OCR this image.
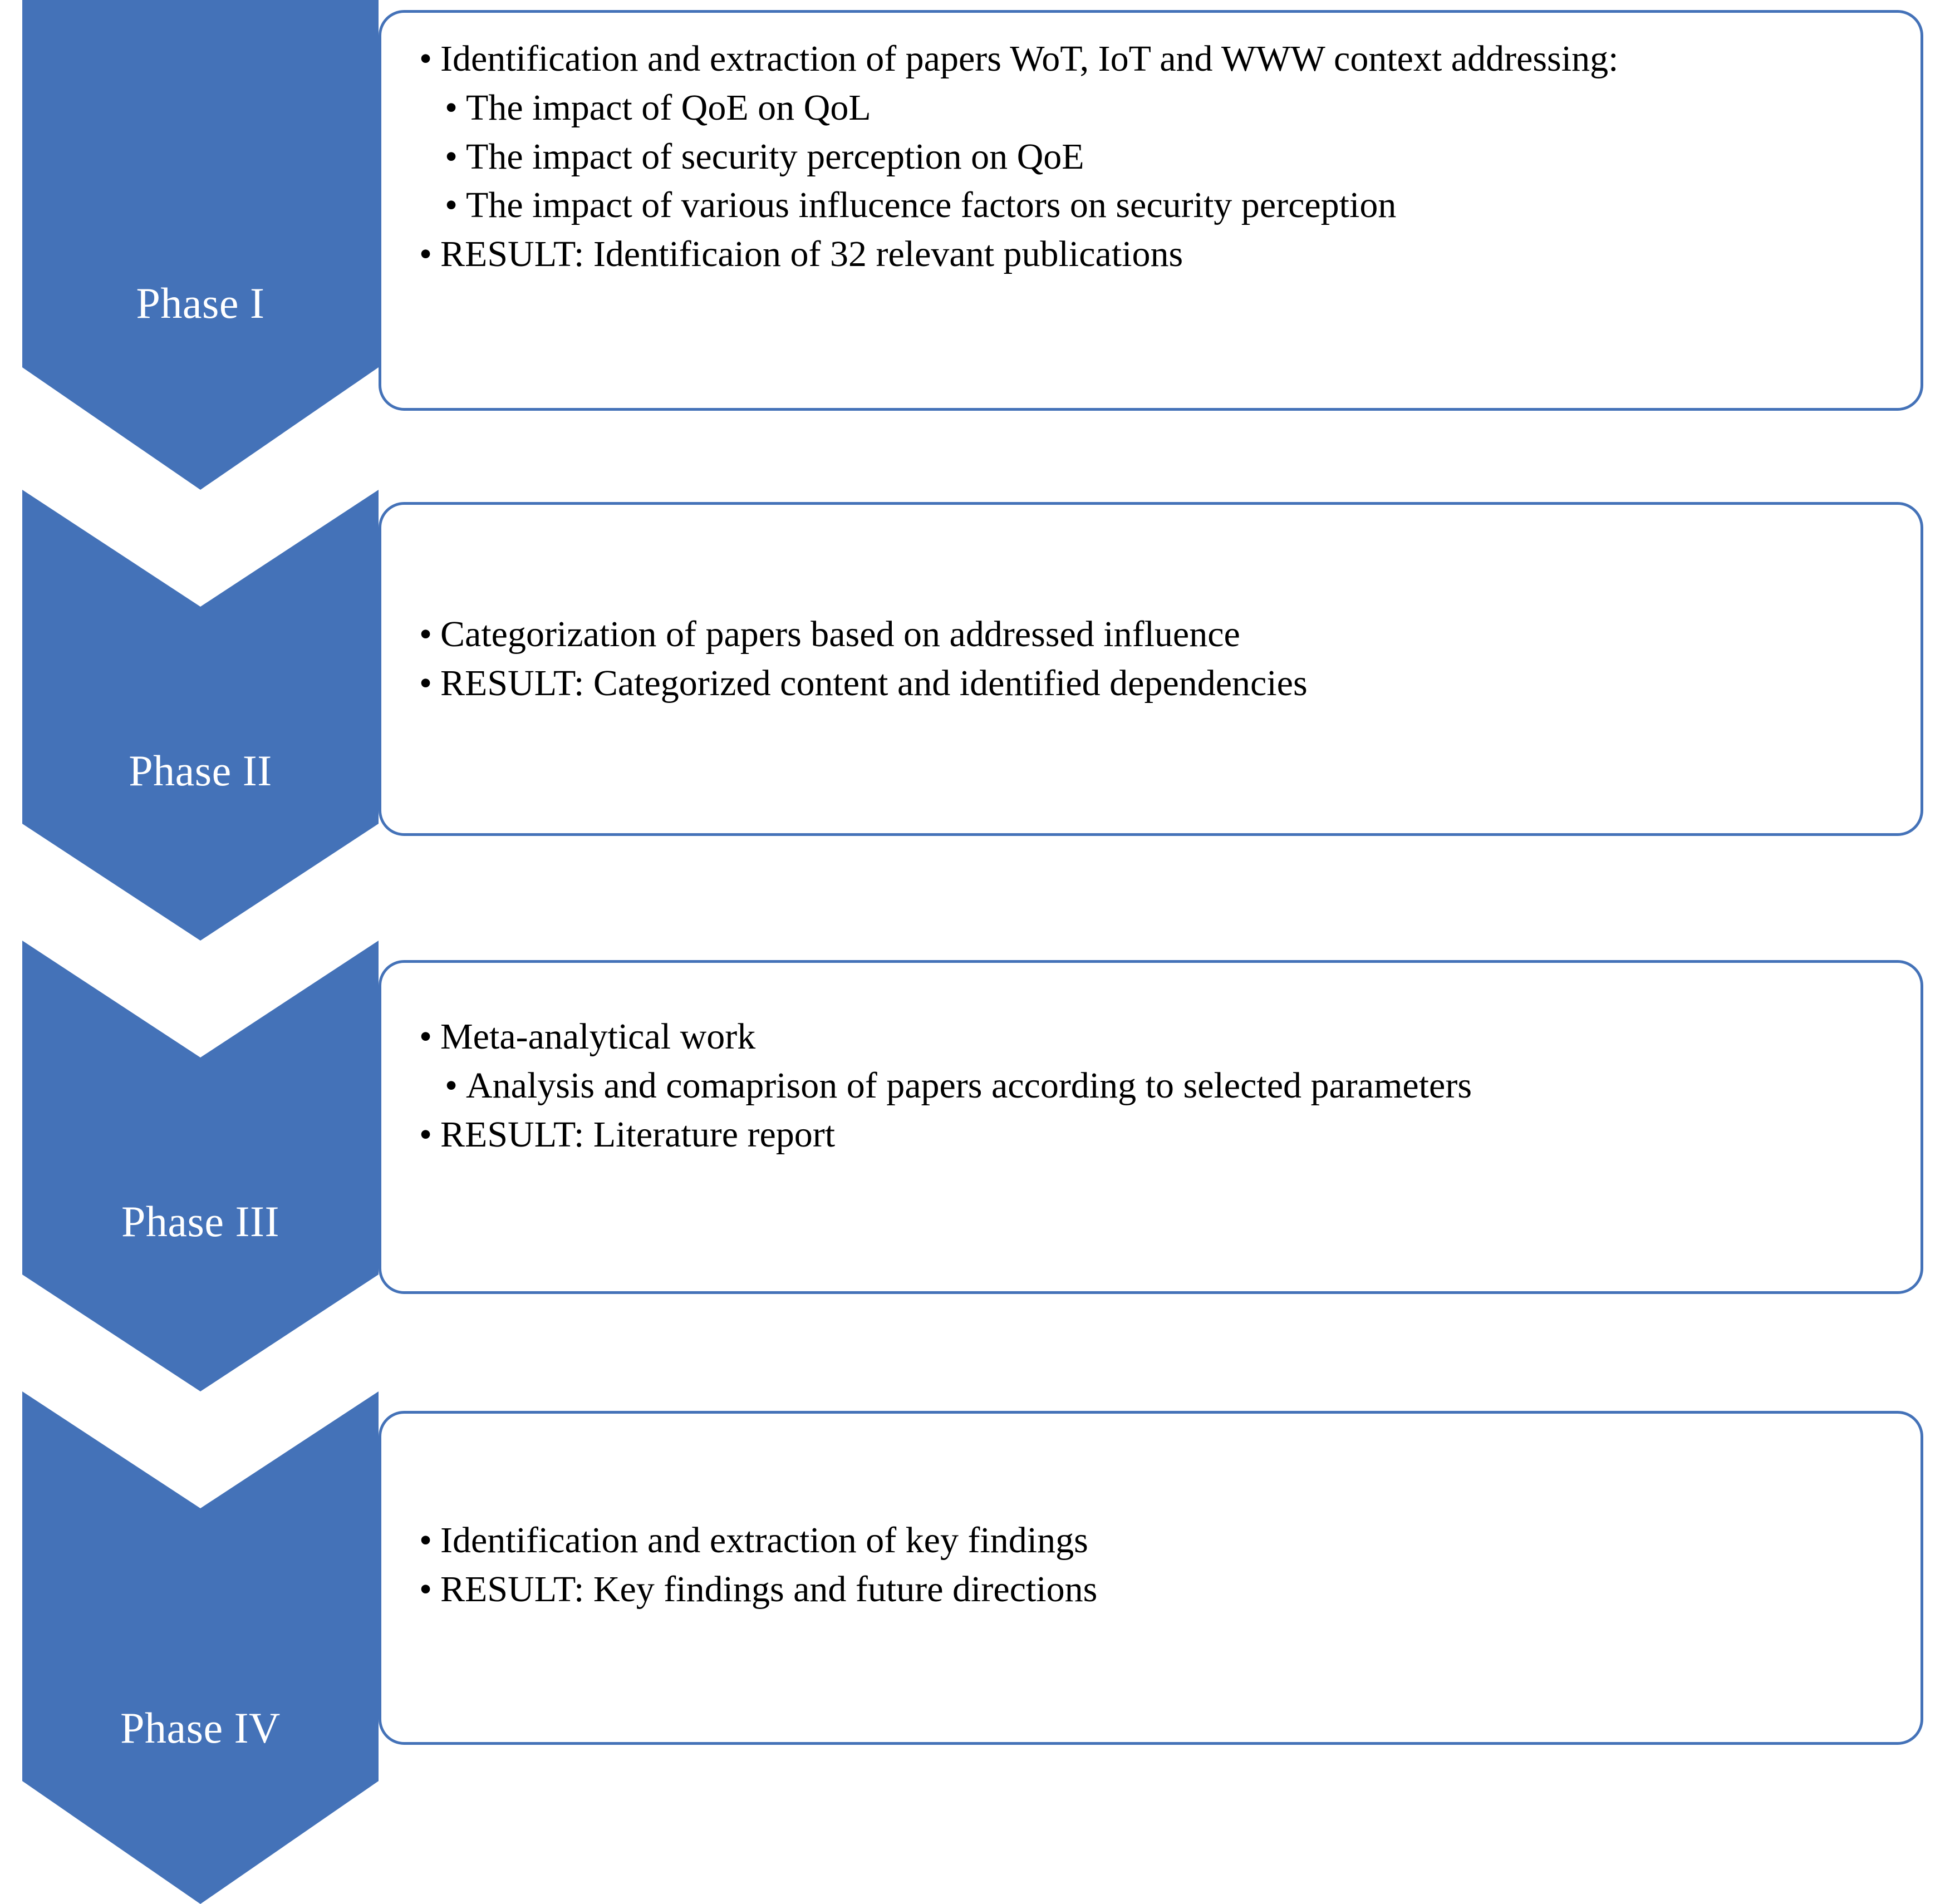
Phase I
• Identification and extraction of papers WoT, IoT and WWW context addressing:
• The impact of QoE on QoL
• The impact of security perception on QoE
• The impact of various influcence factors on security perception
• RESULT: Identificaion of 32 relevant publications
Phase II
• Categorization of papers based on addressed influence
• RESULT: Categorized content and identified dependencies
Phase III
• Meta-analytical work
• Analysis and comaprison of papers according to selected parameters
• RESULT: Literature report
Phase IV
• Identification and extraction of key findings
• RESULT: Key findings and future directions
